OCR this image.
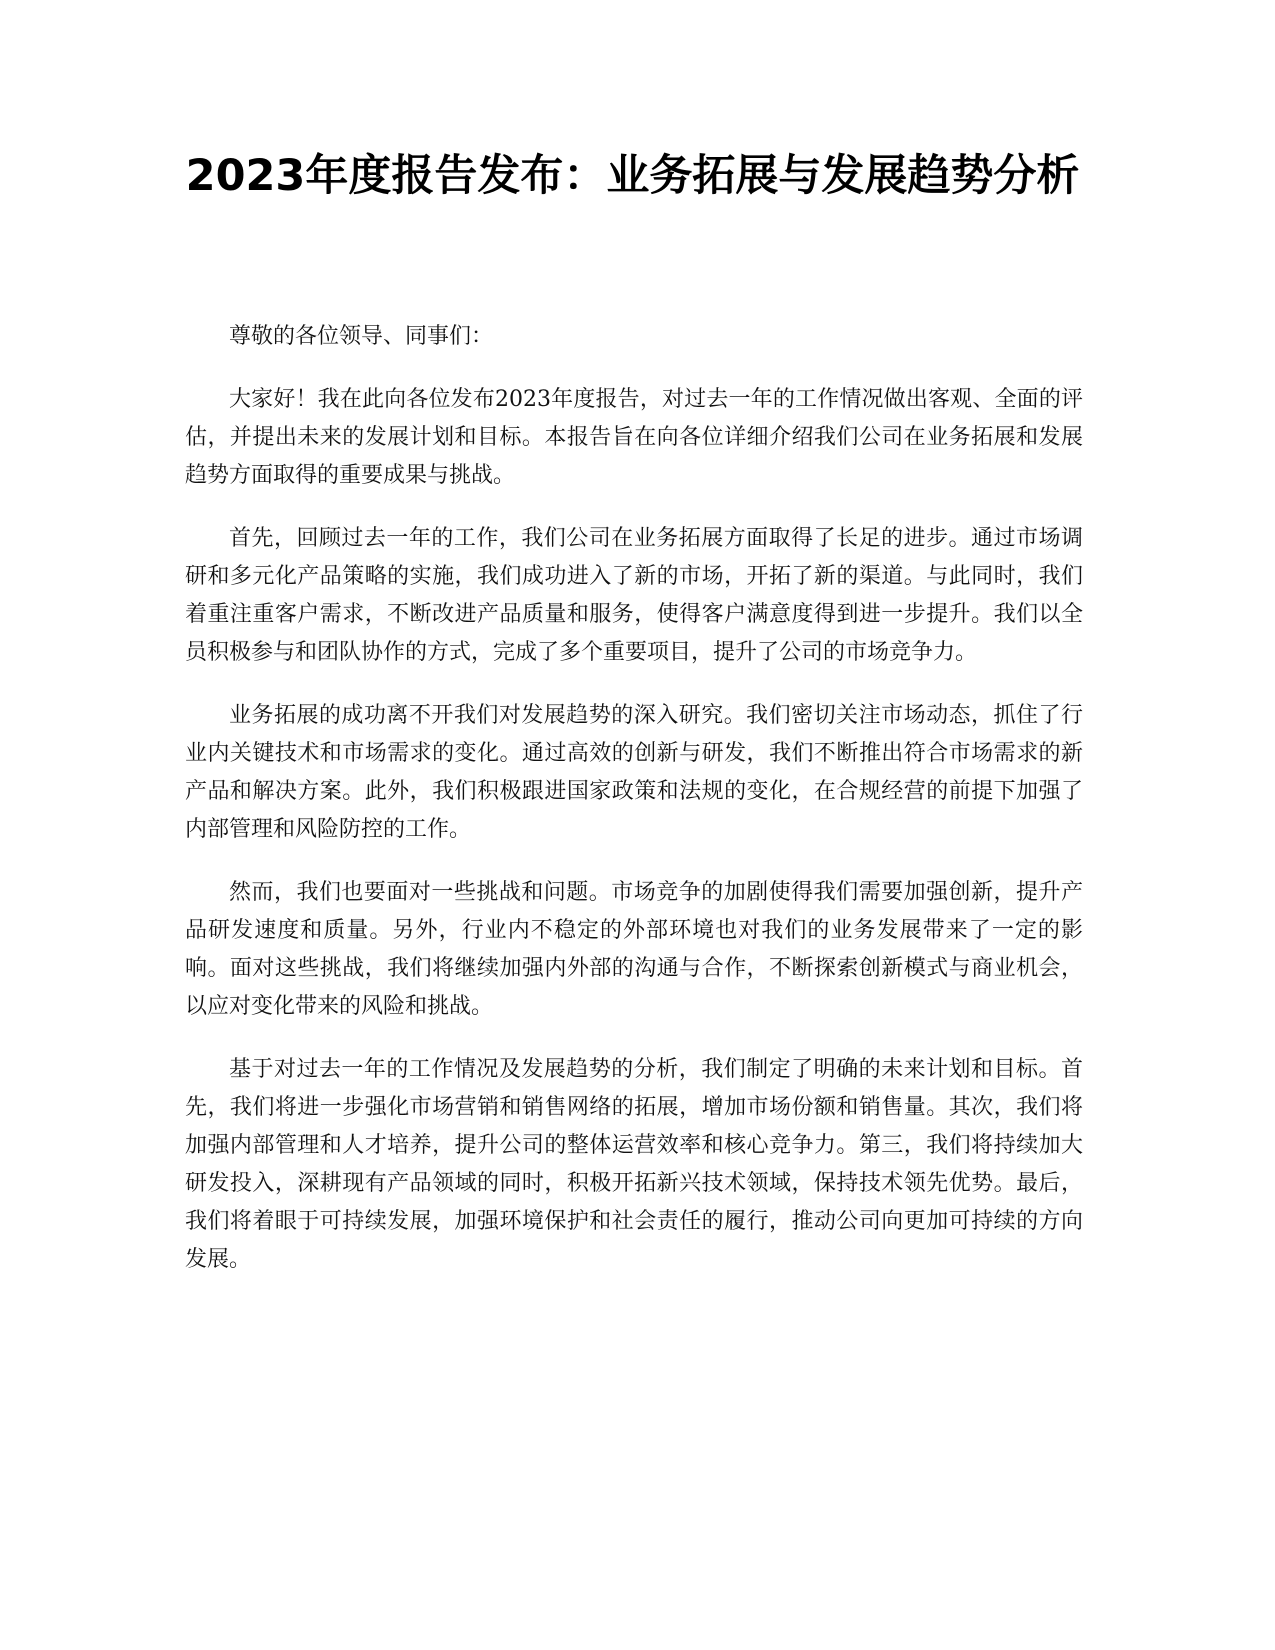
2023年度报告发布：业务拓展与发展趋势分析

尊敬的各位领导、同事们：

大家好！我在此向各位发布2023年度报告，对过去一年的工作情况做出客观、全面的评估，并提出未来的发展计划和目标。本报告旨在向各位详细介绍我们公司在业务拓展和发展趋势方面取得的重要成果与挑战。

首先，回顾过去一年的工作，我们公司在业务拓展方面取得了长足的进步。通过市场调研和多元化产品策略的实施，我们成功进入了新的市场，开拓了新的渠道。与此同时，我们着重注重客户需求，不断改进产品质量和服务，使得客户满意度得到进一步提升。我们以全员积极参与和团队协作的方式，完成了多个重要项目，提升了公司的市场竞争力。

业务拓展的成功离不开我们对发展趋势的深入研究。我们密切关注市场动态，抓住了行业内关键技术和市场需求的变化。通过高效的创新与研发，我们不断推出符合市场需求的新产品和解决方案。此外，我们积极跟进国家政策和法规的变化，在合规经营的前提下加强了内部管理和风险防控的工作。

然而，我们也要面对一些挑战和问题。市场竞争的加剧使得我们需要加强创新，提升产品研发速度和质量。另外，行业内不稳定的外部环境也对我们的业务发展带来了一定的影响。面对这些挑战，我们将继续加强内外部的沟通与合作，不断探索创新模式与商业机会，以应对变化带来的风险和挑战。

基于对过去一年的工作情况及发展趋势的分析，我们制定了明确的未来计划和目标。首先，我们将进一步强化市场营销和销售网络的拓展，增加市场份额和销售量。其次，我们将加强内部管理和人才培养，提升公司的整体运营效率和核心竞争力。第三，我们将持续加大研发投入，深耕现有产品领域的同时，积极开拓新兴技术领域，保持技术领先优势。最后，我们将着眼于可持续发展，加强环境保护和社会责任的履行，推动公司向更加可持续的方向发展。
